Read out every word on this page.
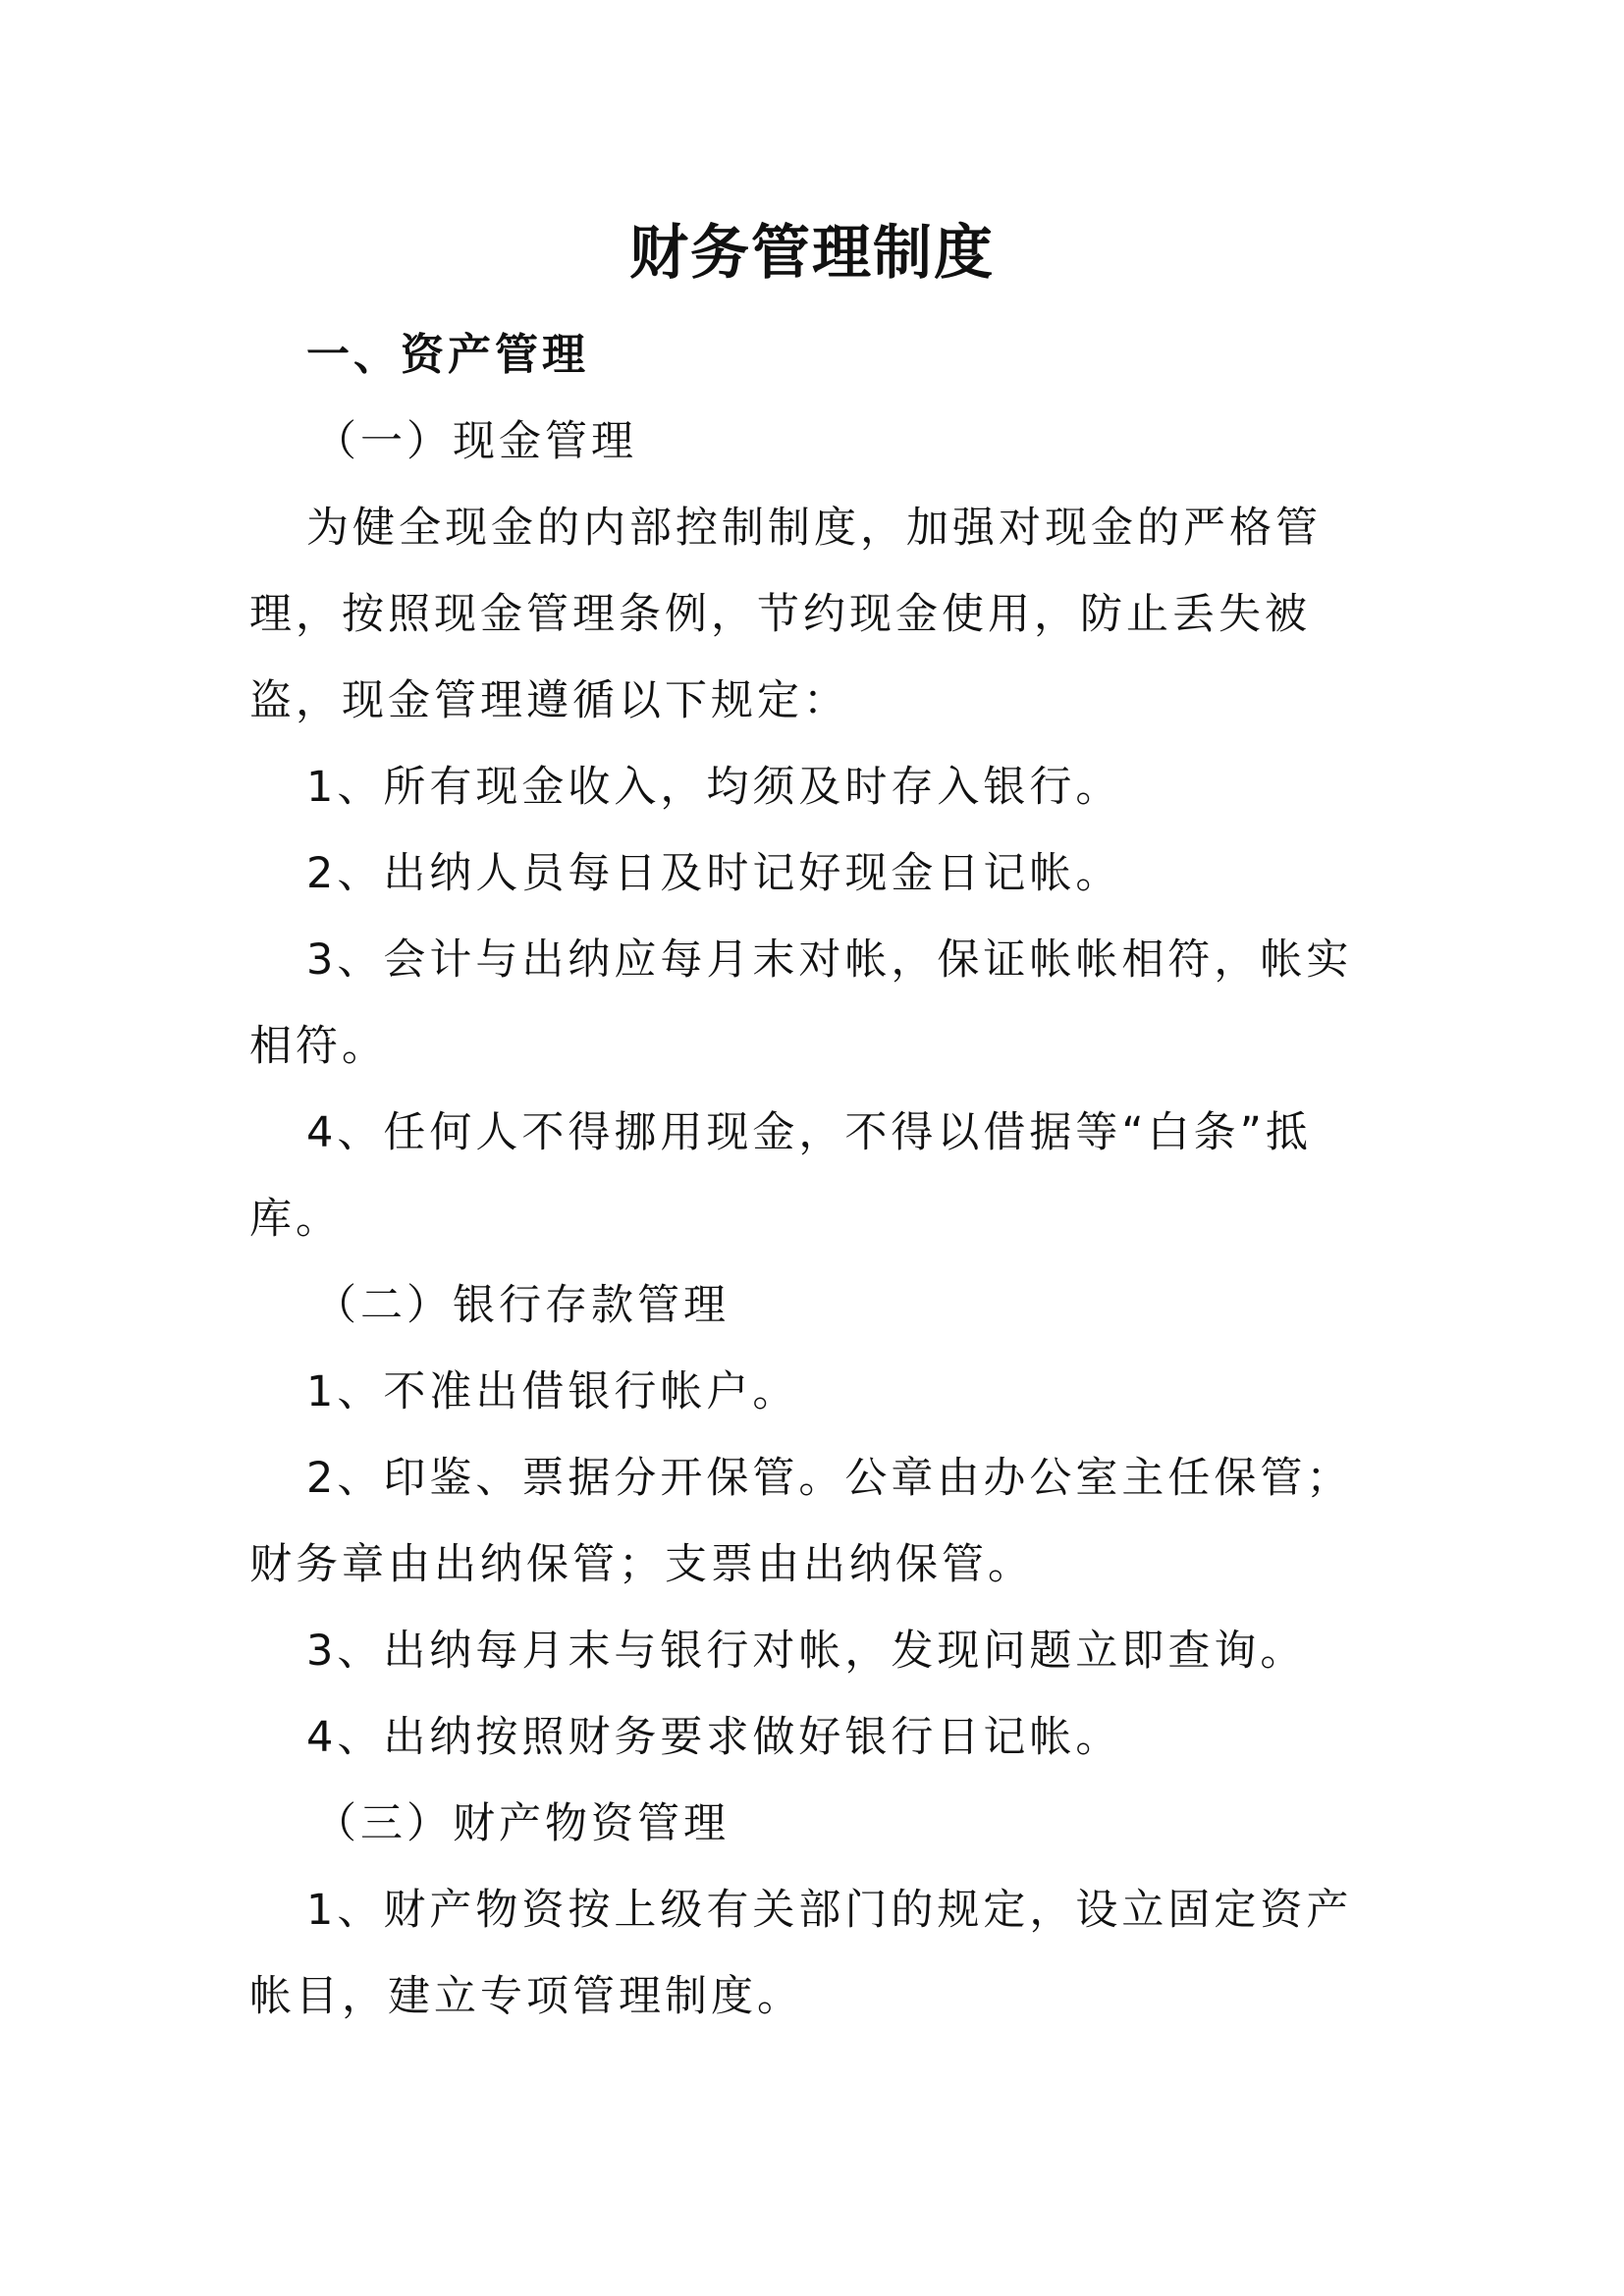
财务管理制度

一、资产管理

（一）现金管理

为健全现金的内部控制制度，加强对现金的严格管理，按照现金管理条例，节约现金使用，防止丢失被盗，现金管理遵循以下规定：

1、所有现金收入，均须及时存入银行。

2、出纳人员每日及时记好现金日记帐。

3、会计与出纳应每月末对帐，保证帐帐相符，帐实相符。

4、任何人不得挪用现金，不得以借据等“白条”抵库。

（二）银行存款管理

1、不准出借银行帐户。

2、印鉴、票据分开保管。公章由办公室主任保管；财务章由出纳保管；支票由出纳保管。

3、出纳每月末与银行对帐，发现问题立即查询。

4、出纳按照财务要求做好银行日记帐。

（三）财产物资管理

1、财产物资按上级有关部门的规定，设立固定资产帐目，建立专项管理制度。
